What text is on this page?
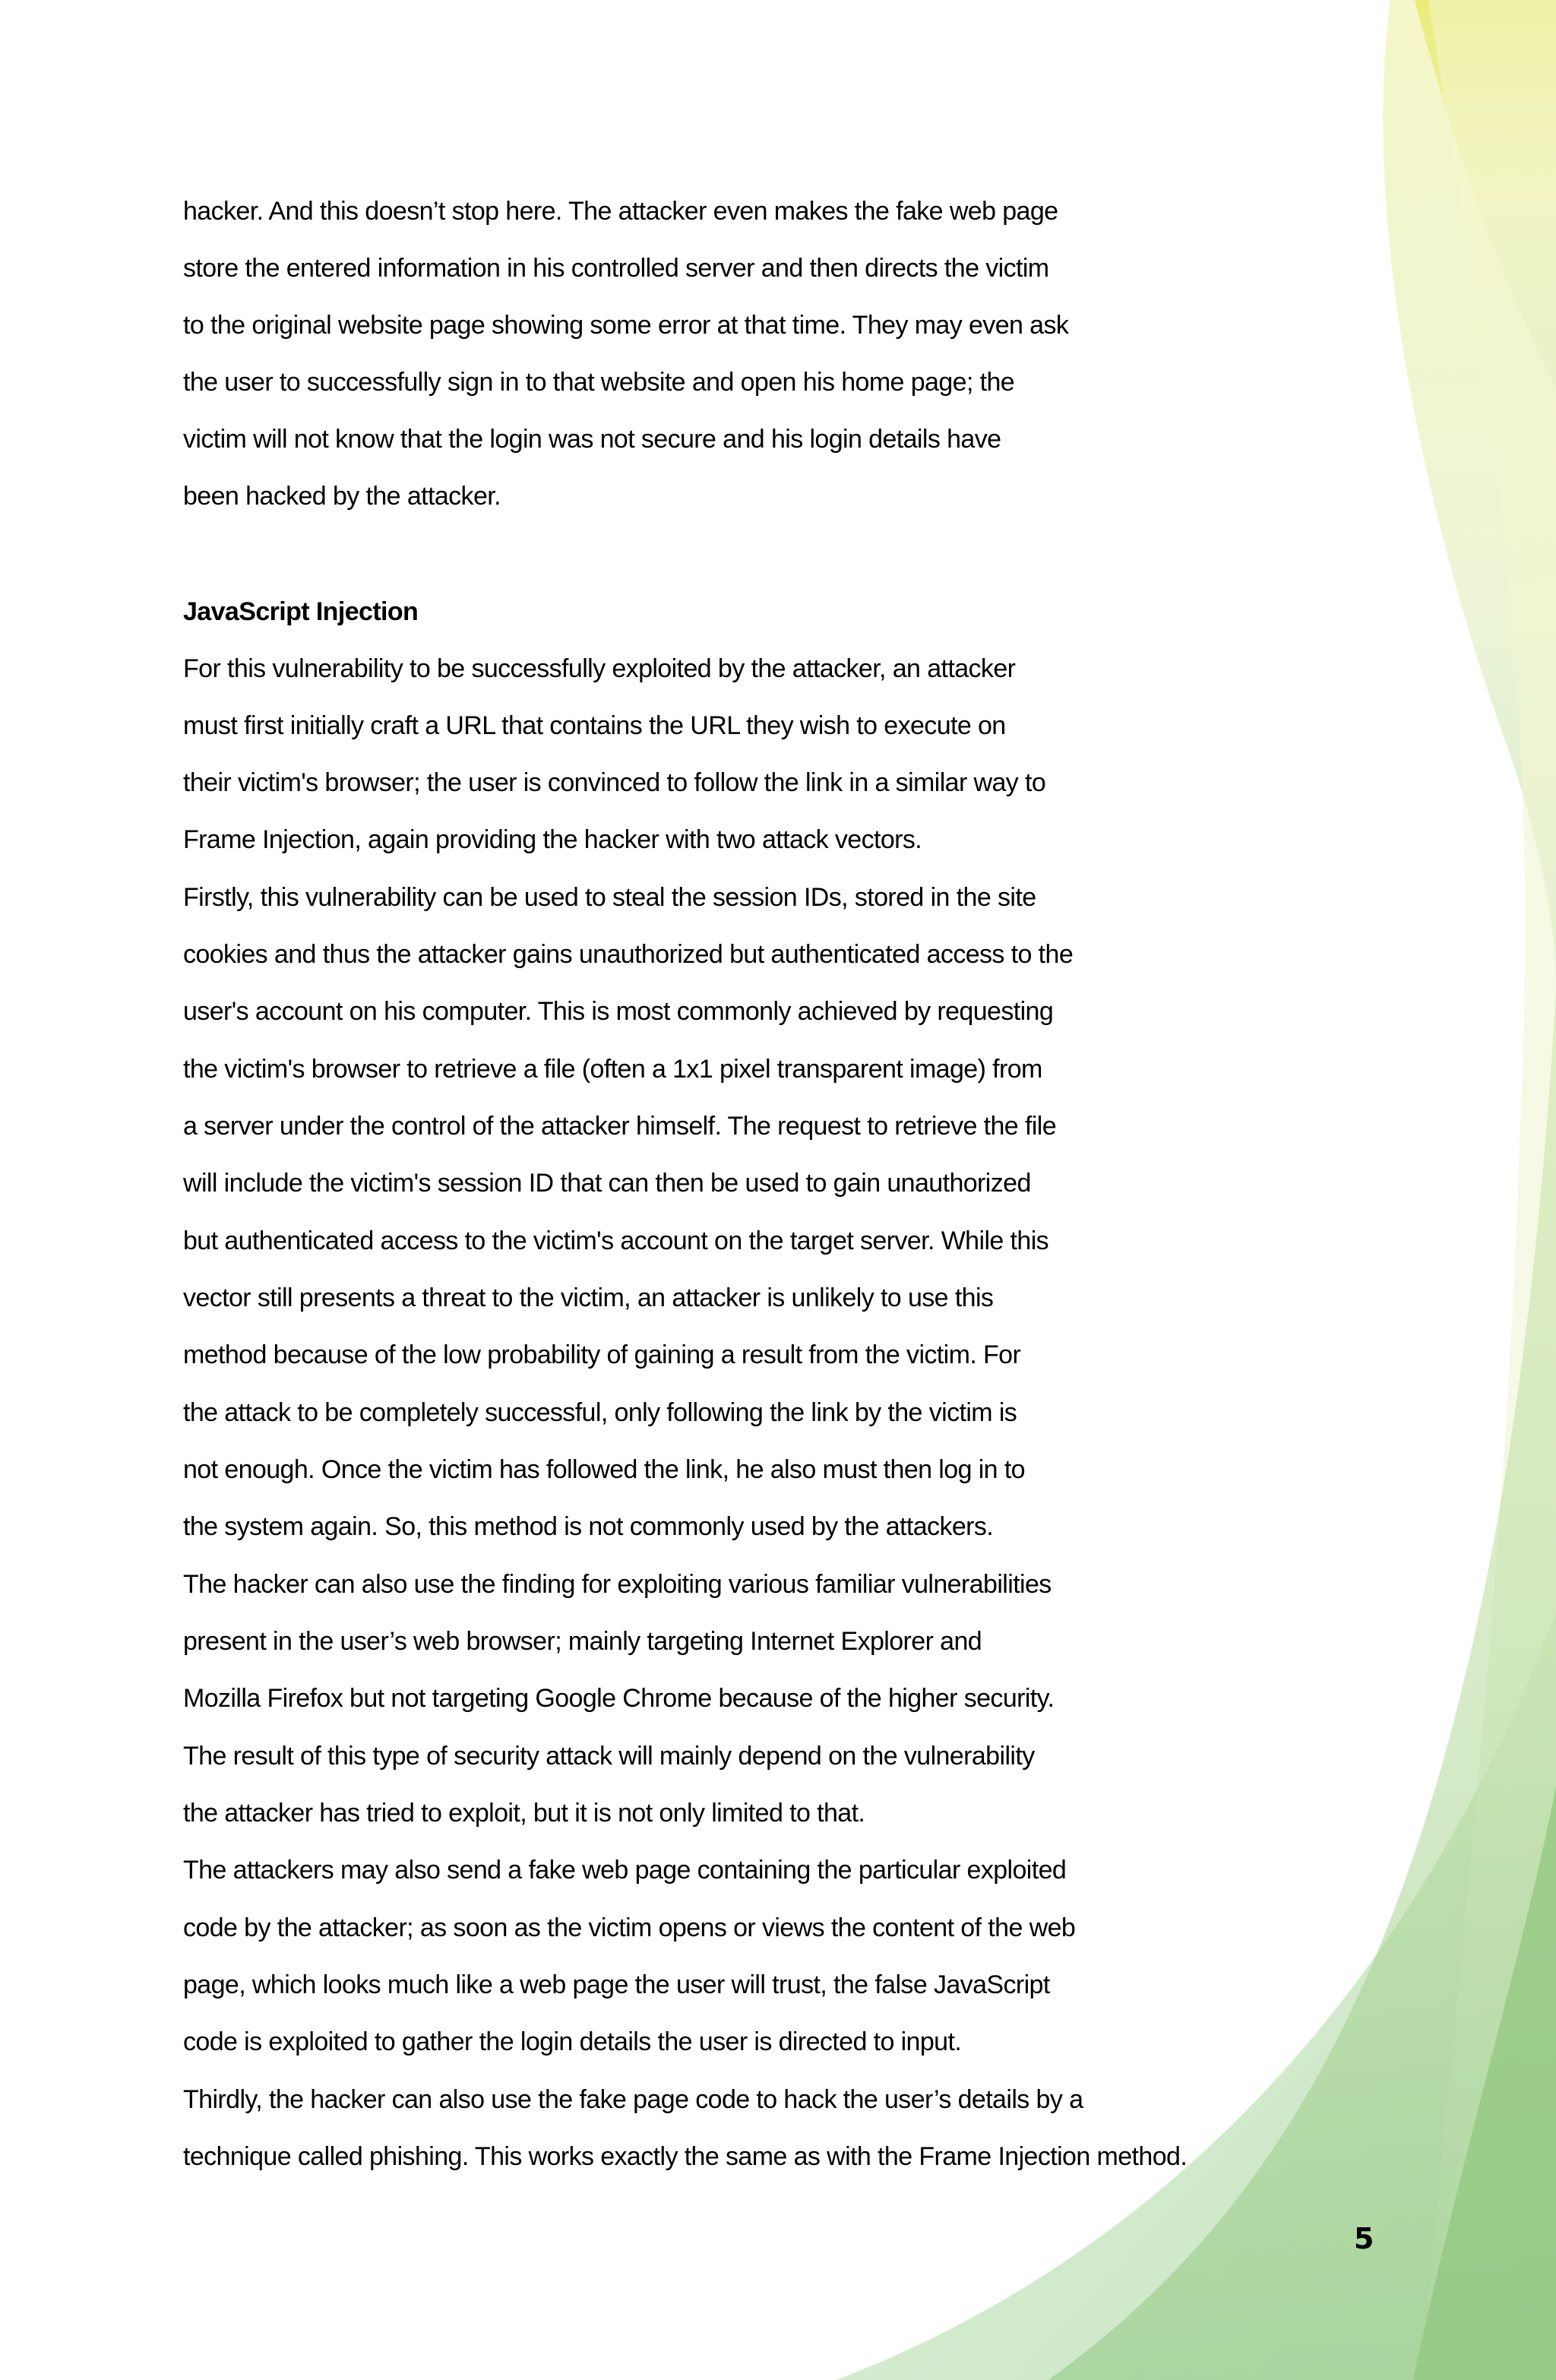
hacker. And this doesn’t stop here. The attacker even makes the fake web page
store the entered information in his controlled server and then directs the victim
to the original website page showing some error at that time. They may even ask
the user to successfully sign in to that website and open his home page; the
victim will not know that the login was not secure and his login details have
been hacked by the attacker.
JavaScript Injection
For this vulnerability to be successfully exploited by the attacker, an attacker
must first initially craft a URL that contains the URL they wish to execute on
their victim's browser; the user is convinced to follow the link in a similar way to
Frame Injection, again providing the hacker with two attack vectors.
Firstly, this vulnerability can be used to steal the session IDs, stored in the site
cookies and thus the attacker gains unauthorized but authenticated access to the
user's account on his computer. This is most commonly achieved by requesting
the victim's browser to retrieve a file (often a 1x1 pixel transparent image) from
a server under the control of the attacker himself. The request to retrieve the file
will include the victim's session ID that can then be used to gain unauthorized
but authenticated access to the victim's account on the target server. While this
vector still presents a threat to the victim, an attacker is unlikely to use this
method because of the low probability of gaining a result from the victim. For
the attack to be completely successful, only following the link by the victim is
not enough. Once the victim has followed the link, he also must then log in to
the system again. So, this method is not commonly used by the attackers.
The hacker can also use the finding for exploiting various familiar vulnerabilities
present in the user’s web browser; mainly targeting Internet Explorer and
Mozilla Firefox but not targeting Google Chrome because of the higher security.
The result of this type of security attack will mainly depend on the vulnerability
the attacker has tried to exploit, but it is not only limited to that.
The attackers may also send a fake web page containing the particular exploited
code by the attacker; as soon as the victim opens or views the content of the web
page, which looks much like a web page the user will trust, the false JavaScript
code is exploited to gather the login details the user is directed to input.
Thirdly, the hacker can also use the fake page code to hack the user’s details by a
technique called phishing. This works exactly the same as with the Frame Injection method.
5
